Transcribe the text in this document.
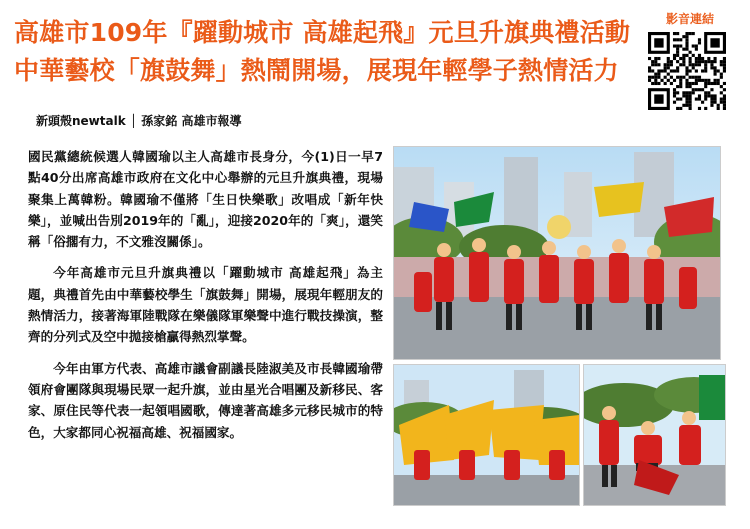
高雄市109年『躍動城市 高雄起飛』元旦升旗典禮活動
中華藝校「旗鼓舞」熱鬧開場，展現年輕學子熱情活力
影音連結
新頭殼newtalk │ 孫家銘 高雄市報導

國民黨總統候選人韓國瑜以主人高雄市長身分，今(1)日一早7點40分出席高雄市政府在文化中心舉辦的元旦升旗典禮，現場聚集上萬韓粉。韓國瑜不僅將「生日快樂歌」改唱成「新年快樂」，並喊出告別2019年的「亂」，迎接2020年的「爽」，還笑稱「俗擱有力，不文雅沒關係」。

今年高雄市元旦升旗典禮以「躍動城市 高雄起飛」為主題，典禮首先由中華藝校學生「旗鼓舞」開場，展現年輕朋友的熱情活力，接著海軍陸戰隊在樂儀隊軍樂聲中進行戰技操演，整齊的分列式及空中拋接槍贏得熱烈掌聲。

今年由軍方代表、高雄市議會副議長陸淑美及市長韓國瑜帶領府會團隊與現場民眾一起升旗，並由星光合唱團及新移民、客家、原住民等代表一起領唱國歌，傳達著高雄多元移民城市的特色，大家都同心祝福高雄、祝福國家。
